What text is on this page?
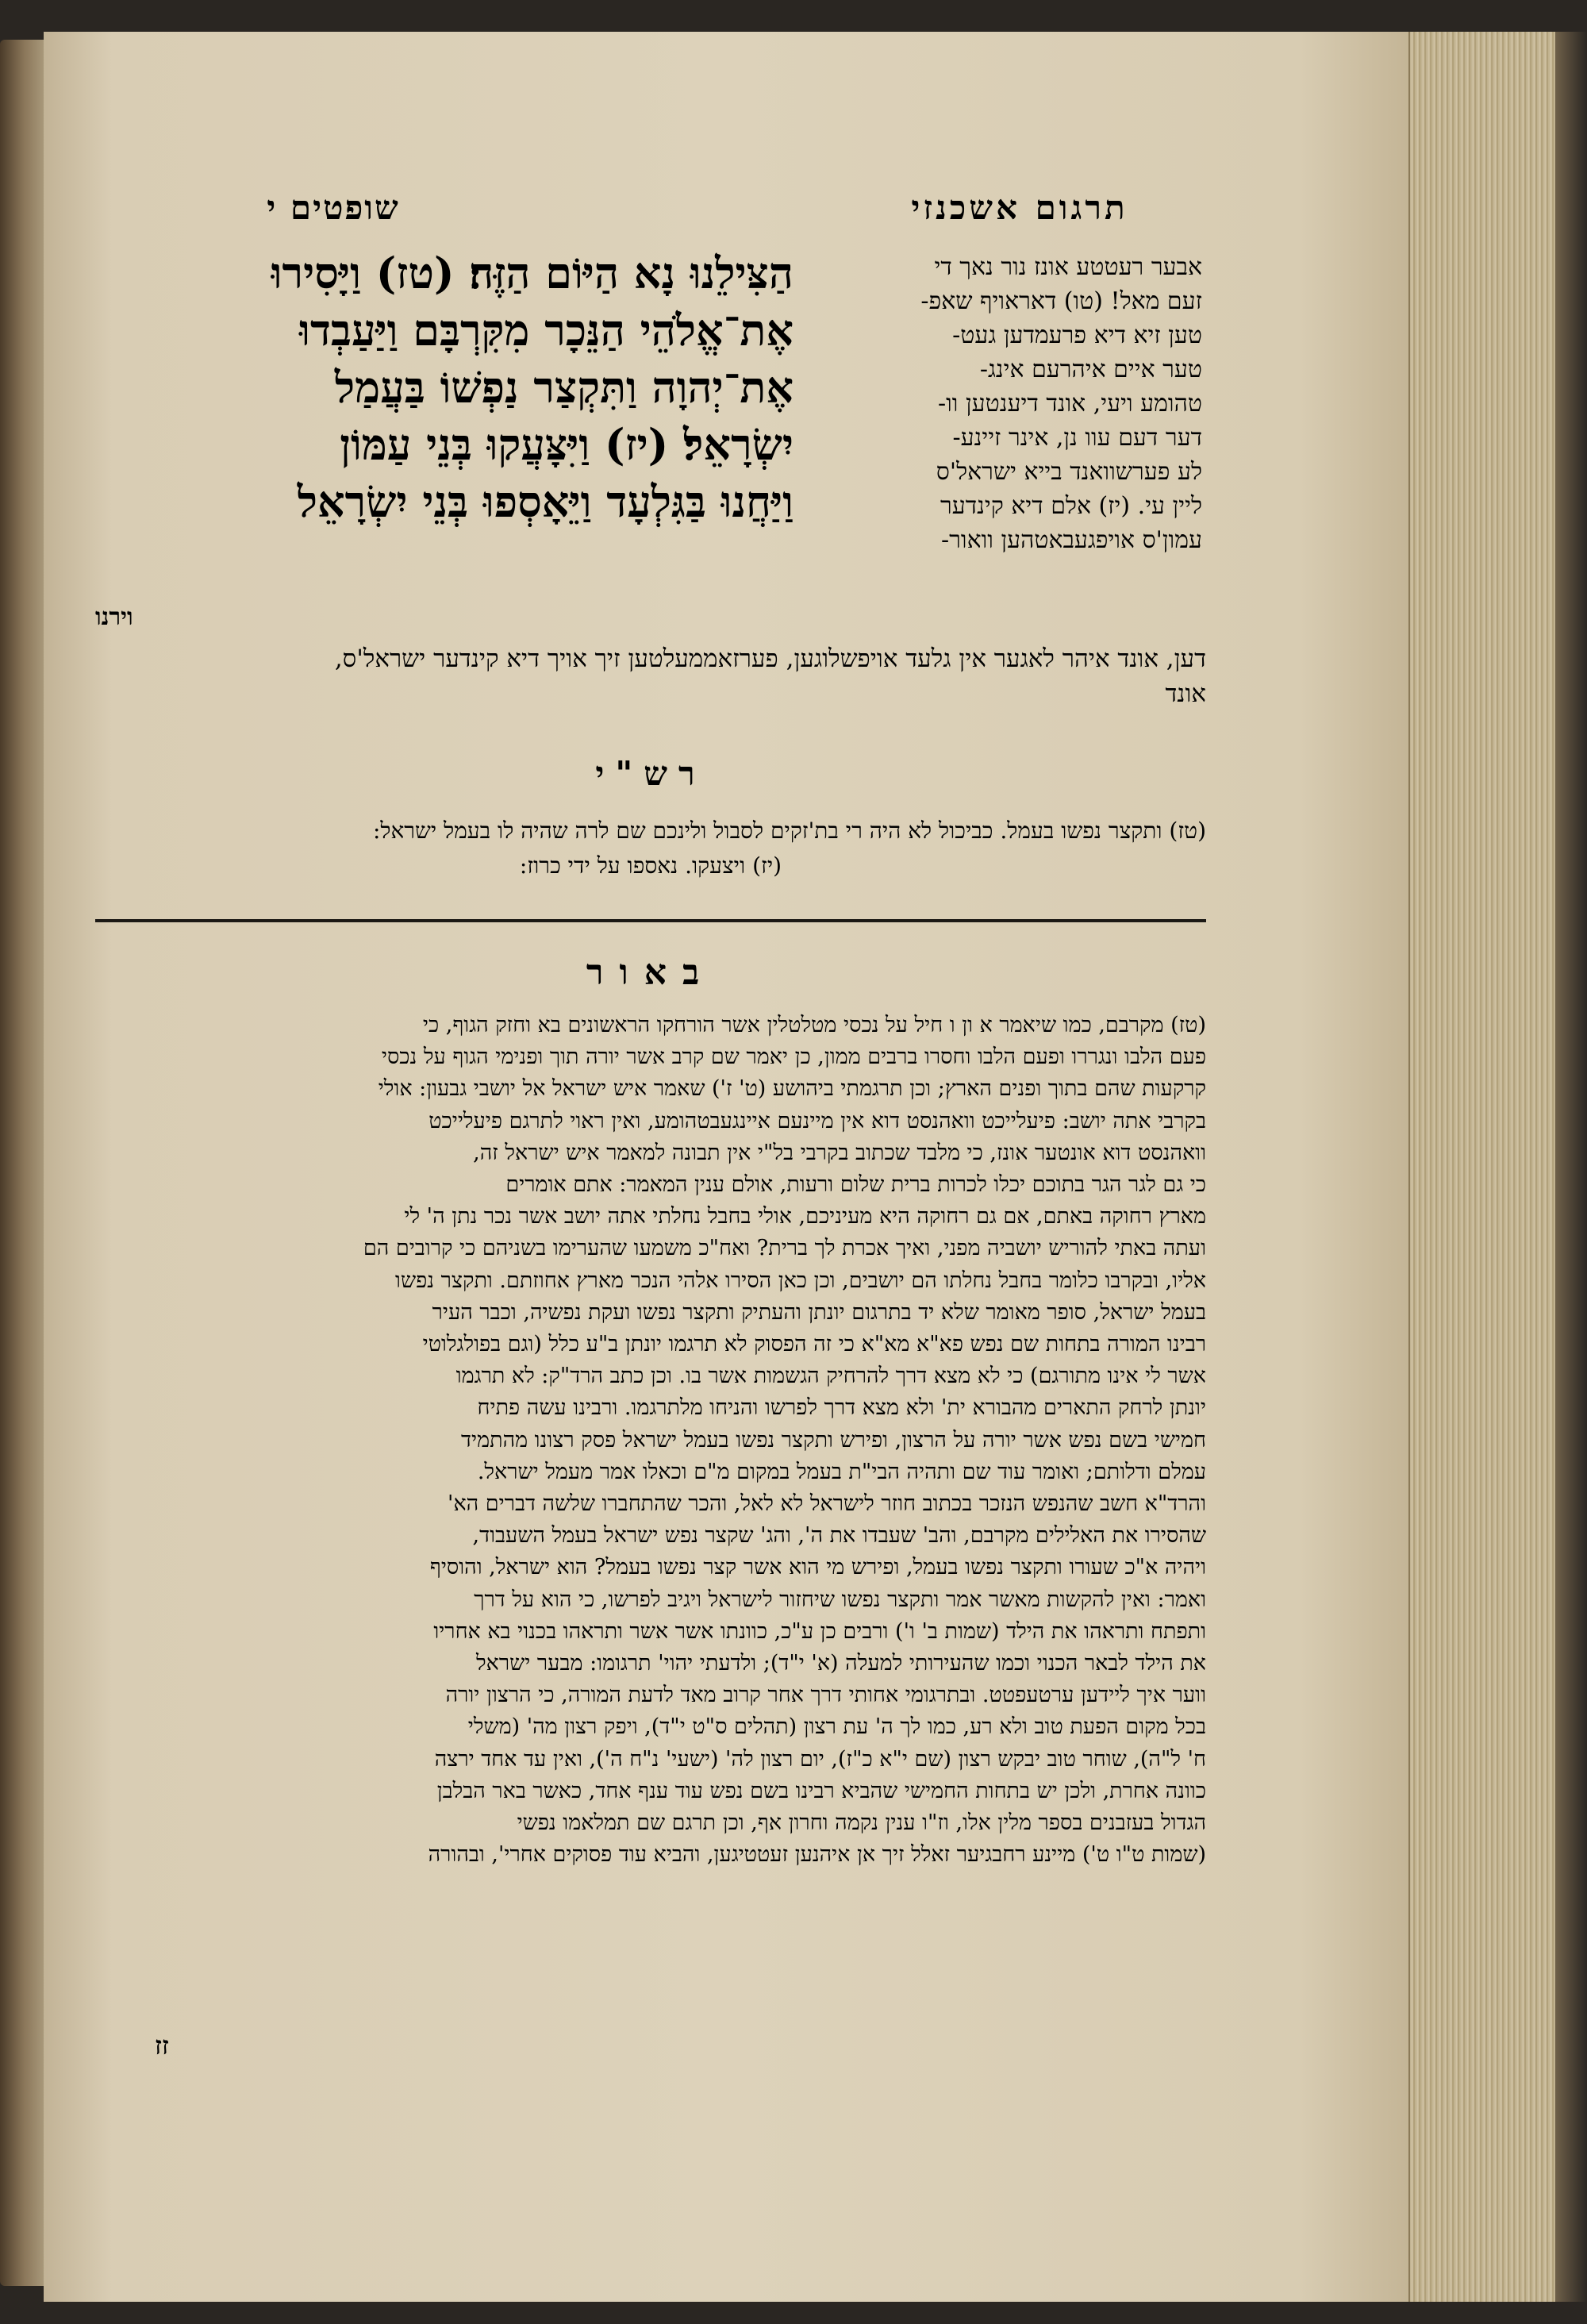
שופטים י	תרגום אשכנזי
אבער רעטטע אונז נור נאך די
זעם מאל! (טו) דאראויף שאפ-
טען זיא דיא פרעמדען געט-
טער איים איהרעם אינג-
טהומע ויעי, אונד דיענטען וו-
דער דעם עוו נן, אינר זיינע-
לע פערשוואנד בייא ישראל'ס
ליין עי. (יז) אלם דיא קינדער
עמון'ס אויפגעבאטהען וואור-
הַצִּילֵנוּ נָא הַיּוֹם הַזֶּה׃ (טז) וַיָּסִירוּ
אֶת־אֱלֹהֵי הַנֵּכָר מִקִּרְבָּם וַיַּעַבְדוּ
אֶת־יְהוָה וַתִּקְצַר נַפְשׁוֹ בַּעֲמַל
יִשְׂרָאֵל׃ (יז) וַיִּצָּעֲקוּ בְּנֵי עַמּוֹן
וַיַּחֲנוּ בַּגִּלְעָד וַיֵּאָסְפוּ בְּנֵי יִשְׂרָאֵל
וירנו
דען, אונד איהר לאגער אין גלעד אויפשלוגען, פערזאממעלטען זיך אויך דיא קינדער ישראל'ס,
אונד
רש"י
(טז) ותקצר נפשו בעמל. כביכול לא היה רי בת'זקים לסבול ולינכם שם לרה שהיה לו בעמל ישראל:
(יז) ויצעקו. נאספו על ידי כרוז:
באור
(טז) מקרבם, כמו שיאמר א ון ו חיל על נכסי מטלטלין אשר הורחקו הראשונים בא וחזק הגוף, כי
פעם הלבו ונגררו ופעם הלבו וחסרו ברבים ממון, כן יאמר שם קרב אשר יורה תוך ופנימי הגוף על נכסי
קרקעות שהם בתוך ופנים הארץ; וכן תרגמתי ביהושע (ט' ז') שאמר איש ישראל אל יושבי גבעון: אולי
בקרבי אתה יושב: פיעלייכט וואהנסט דוא אין מיינעם איינגעבטהומע, ואין ראוי לתרגם פיעלייכט
וואהנסט דוא אונטער אונז, כי מלבד שכתוב בקרבי בל"י אין תבונה למאמר איש ישראל זה,
כי גם לגר הגר בתוכם יכלו לכרות ברית שלום ורעות, אולם ענין המאמר: אתם אומרים
מארץ רחוקה באתם, אם גם רחוקה היא מעיניכם, אולי בחבל נחלתי אתה יושב אשר נכר נתן ה' לי
ועתה באתי להוריש יושביה מפני, ואיך אכרת לך ברית? ואח"כ משמעו שהערימו בשניהם כי קרובים הם
אליו, ובקרבו כלומר בחבל נחלתו הם יושבים, וכן כאן הסירו אלהי הנכר מארץ אחוזתם. ותקצר נפשו
בעמל ישראל, סופר מאומר שלא יד בתרגום יונתן והעתיק ותקצר נפשו ועקת נפשיה, וכבר העיר
רבינו המורה בתחות שם נפש פא"א מא"א כי זה הפסוק לא תרגמו יונתן ב"ע כלל (וגם בפולגלוטי
אשר לי אינו מתורגם) כי לא מצא דרך להרחיק הגשמות אשר בו. וכן כתב הרד"ק: לא תרגמו
יונתן לרחק התארים מהבורא ית' ולא מצא דרך לפרשו והניחו מלתרגמו. ורבינו עשה פתיח
חמישי בשם נפש אשר יורה על הרצון, ופירש ותקצר נפשו בעמל ישראל פסק רצונו מהתמיד
עמלם ודלותם; ואומר עוד שם ותהיה הבי"ת בעמל במקום מ"ם וכאלו אמר מעמל ישראל.
והרד"א חשב שהנפש הנזכר בכתוב חוזר לישראל לא לאל, והכר שהתחברו שלשה דברים הא'
שהסירו את האלילים מקרבם, והב' שעבדו את ה', והג' שקצר נפש ישראל בעמל השעבוד,
ויהיה א"כ שעורו ותקצר נפשו בעמל, ופירש מי הוא אשר קצר נפשו בעמל? הוא ישראל, והוסיף
ואמר: ואין להקשות מאשר אמר ותקצר נפשו שיחזור לישראל ויגיב לפרשו, כי הוא על דרך
ותפתח ותראהו את הילד (שמות ב' ו') ורבים כן ע"כ, כוונתו אשר אשר ותראהו בכנוי בא אחריו
את הילד לבאר הכנוי וכמו שהעירותי למעלה (א' י"ד); ולדעתי יהוי' תרגומו: מבער ישראל
ווער איך ליידען ערטעפטט. ובתרגומי אחותי דרך אחר קרוב מאד לדעת המורה, כי הרצון יורה
בכל מקום הפעת טוב ולא רע, כמו לך ה' עת רצון (תהלים ס"ט י"ד), ויפק רצון מה' (משלי
ח' ל"ה), שוחר טוב יבקש רצון (שם י"א כ"ז), יום רצון לה' (ישעי' נ"ח ה'), ואין עד אחד ירצה
כוונה אחרת, ולכן יש בתחות החמישי שהביא רבינו בשם נפש עוד ענף אחד, כאשר באר הבלבן
הגדול בעזבנים בספר מלין אלו, וז"ו ענין נקמה וחרון אף, וכן תרגם שם תמלאמו נפשי
(שמות ט"ו ט') מיינע רחבגיער זאלל זיך אן איהנען זעטטיגען, והביא עוד פסוקים אחרי', ובהורה
זז
